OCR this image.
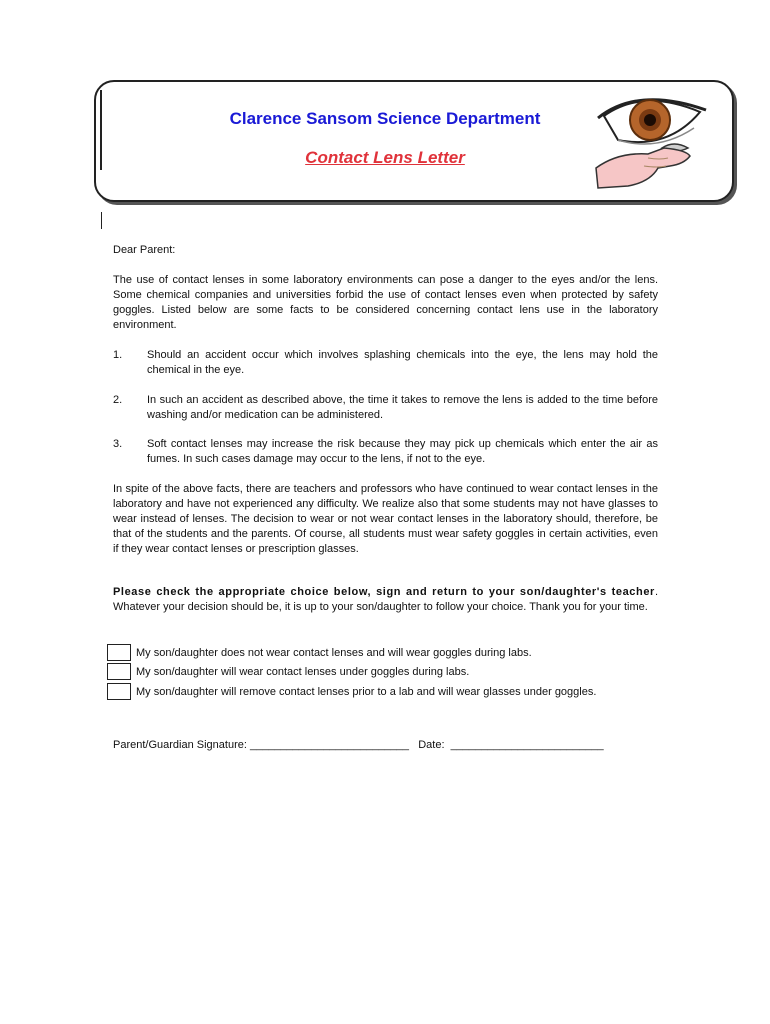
Clarence Sansom Science Department
Contact Lens Letter
Dear Parent:
The use of contact lenses in some laboratory environments can pose a danger to the eyes and/or the lens. Some chemical companies and universities forbid the use of contact lenses even when protected by safety goggles. Listed below are some facts to be considered concerning contact lens use in the laboratory environment.
1.	Should an accident occur which involves splashing chemicals into the eye, the lens may hold the chemical in the eye.
2.	In such an accident as described above, the time it takes to remove the lens is added to the time before washing and/or medication can be administered.
3.	Soft contact lenses may increase the risk because they may pick up chemicals which enter the air as fumes. In such cases damage may occur to the lens, if not to the eye.
In spite of the above facts, there are teachers and professors who have continued to wear contact lenses in the laboratory and have not experienced any difficulty. We realize also that some students may not have glasses to wear instead of lenses. The decision to wear or not wear contact lenses in the laboratory should, therefore, be that of the students and the parents. Of course, all students must wear safety goggles in certain activities, even if they wear contact lenses or prescription glasses.
Please check the appropriate choice below, sign and return to your son/daughter's teacher. Whatever your decision should be, it is up to your son/daughter to follow your choice. Thank you for your time.
My son/daughter does not wear contact lenses and will wear goggles during labs.
My son/daughter will wear contact lenses under goggles during labs.
My son/daughter will remove contact lenses prior to a lab and will wear glasses under goggles.
Parent/Guardian Signature: __________________________ Date: _________________________
